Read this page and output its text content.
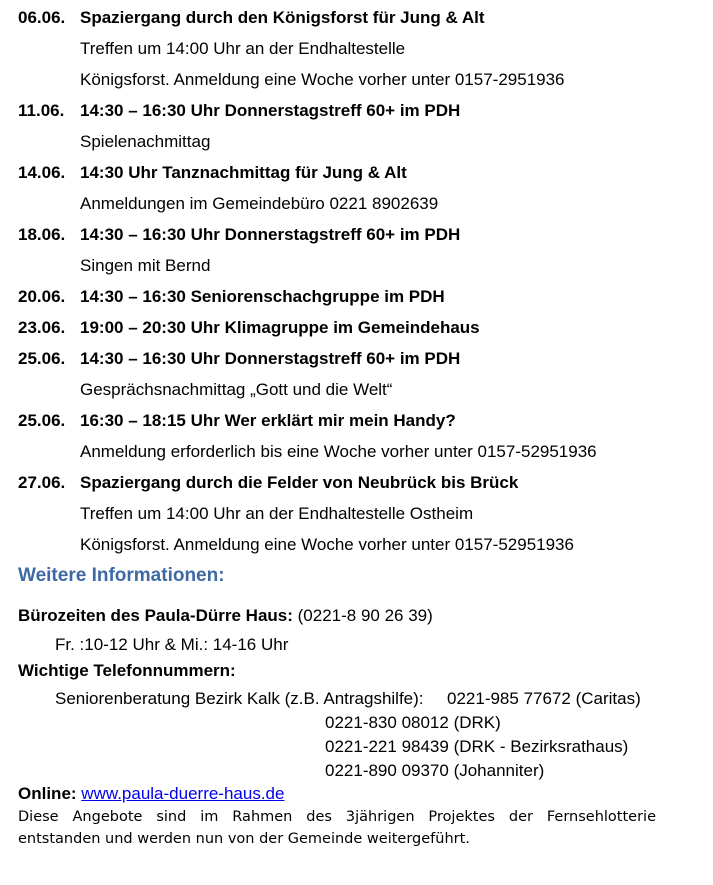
06.06. Spaziergang durch den Königsforst für Jung & Alt
Treffen um 14:00 Uhr an der Endhaltestelle
Königsforst. Anmeldung eine Woche vorher unter 0157-2951936
11.06. 14:30 – 16:30 Uhr Donnerstagstreff 60+ im PDH
Spielenachmittag
14.06. 14:30 Uhr Tanznachmittag für Jung & Alt
Anmeldungen im Gemeindebüro 0221 8902639
18.06. 14:30 – 16:30 Uhr Donnerstagstreff 60+ im PDH
Singen mit Bernd
20.06. 14:30 – 16:30 Seniorenschachgruppe im PDH
23.06. 19:00 – 20:30 Uhr Klimagruppe im Gemeindehaus
25.06. 14:30 – 16:30 Uhr Donnerstagstreff 60+ im PDH
Gesprächsnachmittag „Gott und die Welt“
25.06. 16:30 – 18:15 Uhr Wer erklärt mir mein Handy?
Anmeldung erforderlich bis eine Woche vorher unter 0157-52951936
27.06. Spaziergang durch die Felder von Neubrück bis Brück
Treffen um 14:00 Uhr an der Endhaltestelle Ostheim
Königsforst. Anmeldung eine Woche vorher unter 0157-52951936
Weitere Informationen:
Bürozeiten des Paula-Dürre Haus: (0221-8 90 26 39)
Fr. :10-12 Uhr & Mi.: 14-16 Uhr
Wichtige Telefonnummern:
Seniorenberatung Bezirk Kalk (z.B. Antragshilfe): 0221-985 77672 (Caritas)
0221-830 08012 (DRK)
0221-221 98439 (DRK - Bezirksrathaus)
0221-890 09370 (Johanniter)
Online: www.paula-duerre-haus.de
Diese Angebote sind im Rahmen des 3jährigen Projektes der Fernsehlotterie entstanden und werden nun von der Gemeinde weitergeführt.
